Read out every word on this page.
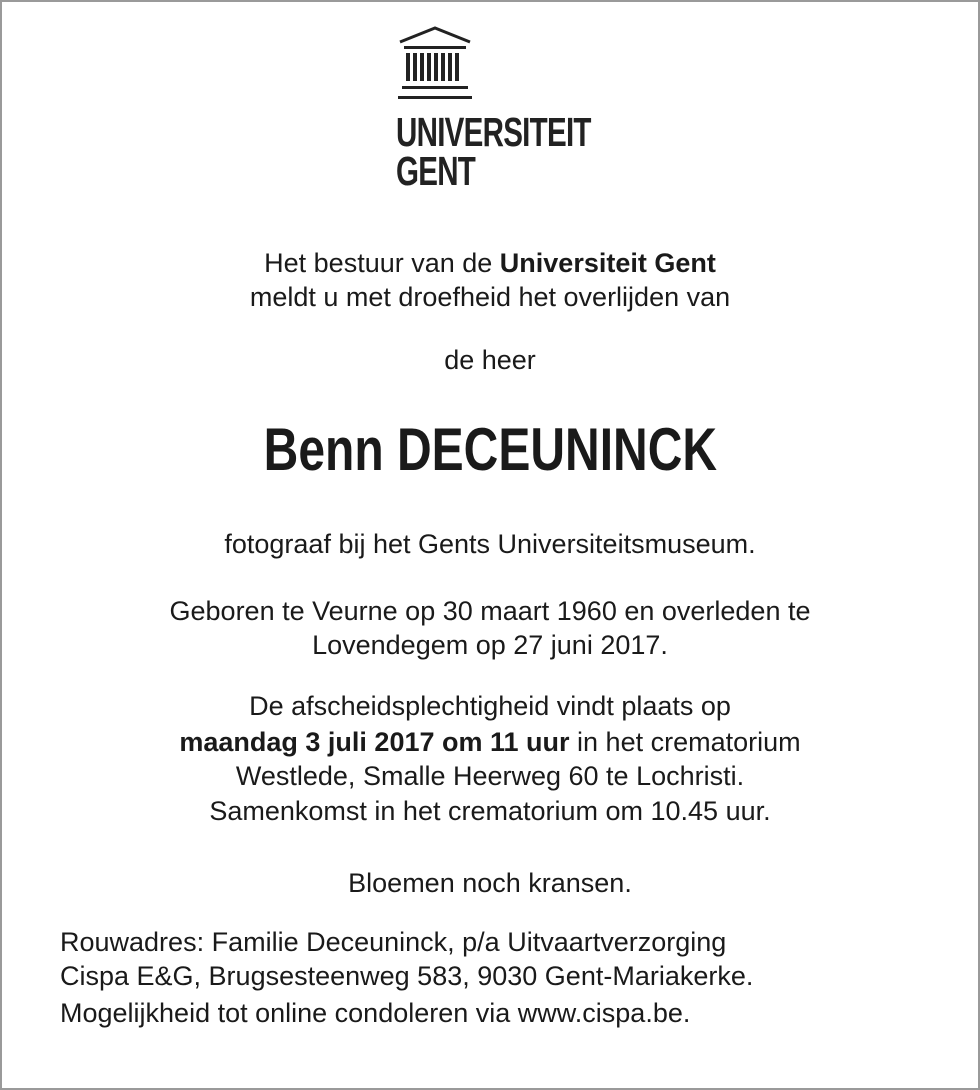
UNIVERSITEIT
GENT
Het bestuur van de Universiteit Gent
meldt u met droefheid het overlijden van
de heer
Benn DECEUNINCK
fotograaf bij het Gents Universiteitsmuseum.
Geboren te Veurne op 30 maart 1960 en overleden te
Lovendegem op 27 juni 2017.
De afscheidsplechtigheid vindt plaats op
maandag 3 juli 2017 om 11 uur in het crematorium
Westlede, Smalle Heerweg 60 te Lochristi.
Samenkomst in het crematorium om 10.45 uur.
Bloemen noch kransen.
Rouwadres: Familie Deceuninck, p/a Uitvaartverzorging
Cispa E&G, Brugsesteenweg 583, 9030 Gent-Mariakerke.
Mogelijkheid tot online condoleren via www.cispa.be.
